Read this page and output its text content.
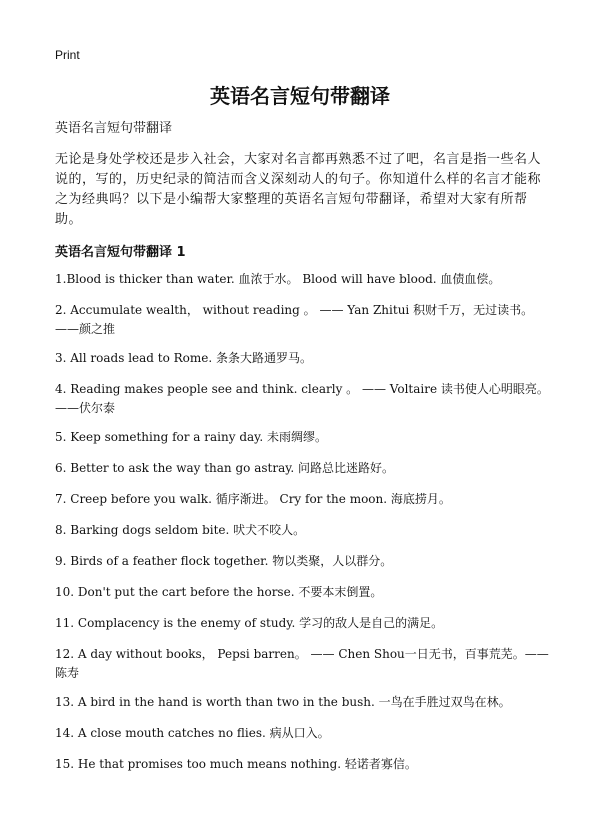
Print
英语名言短句带翻译

英语名言短句带翻译

无论是身处学校还是步入社会，大家对名言都再熟悉不过了吧，名言是指一些名人说的，写的，历史纪录的简洁而含义深刻动人的句子。你知道什么样的名言才能称之为经典吗？以下是小编帮大家整理的英语名言短句带翻译，希望对大家有所帮助。

英语名言短句带翻译 1

1.Blood is thicker than water. 血浓于水。 Blood will have blood. 血债血偿。
2. Accumulate wealth， without reading 。 —— Yan Zhitui 积财千万，无过读书。——颜之推
3. All roads lead to Rome. 条条大路通罗马。
4. Reading makes people see and think. clearly 。 —— Voltaire 读书使人心明眼亮。——伏尔泰
5. Keep something for a rainy day. 未雨绸缪。
6. Better to ask the way than go astray. 问路总比迷路好。
7. Creep before you walk. 循序渐进。 Cry for the moon. 海底捞月。
8. Barking dogs seldom bite. 吠犬不咬人。
9. Birds of a feather flock together. 物以类聚，人以群分。
10. Don't put the cart before the horse. 不要本末倒置。
11. Complacency is the enemy of study. 学习的敌人是自己的满足。
12. A day without books， Pepsi barren。 —— Chen Shou一日无书，百事荒芜。——陈寿
13. A bird in the hand is worth than two in the bush. 一鸟在手胜过双鸟在林。
14. A close mouth catches no flies. 病从口入。
15. He that promises too much means nothing. 轻诺者寡信。
